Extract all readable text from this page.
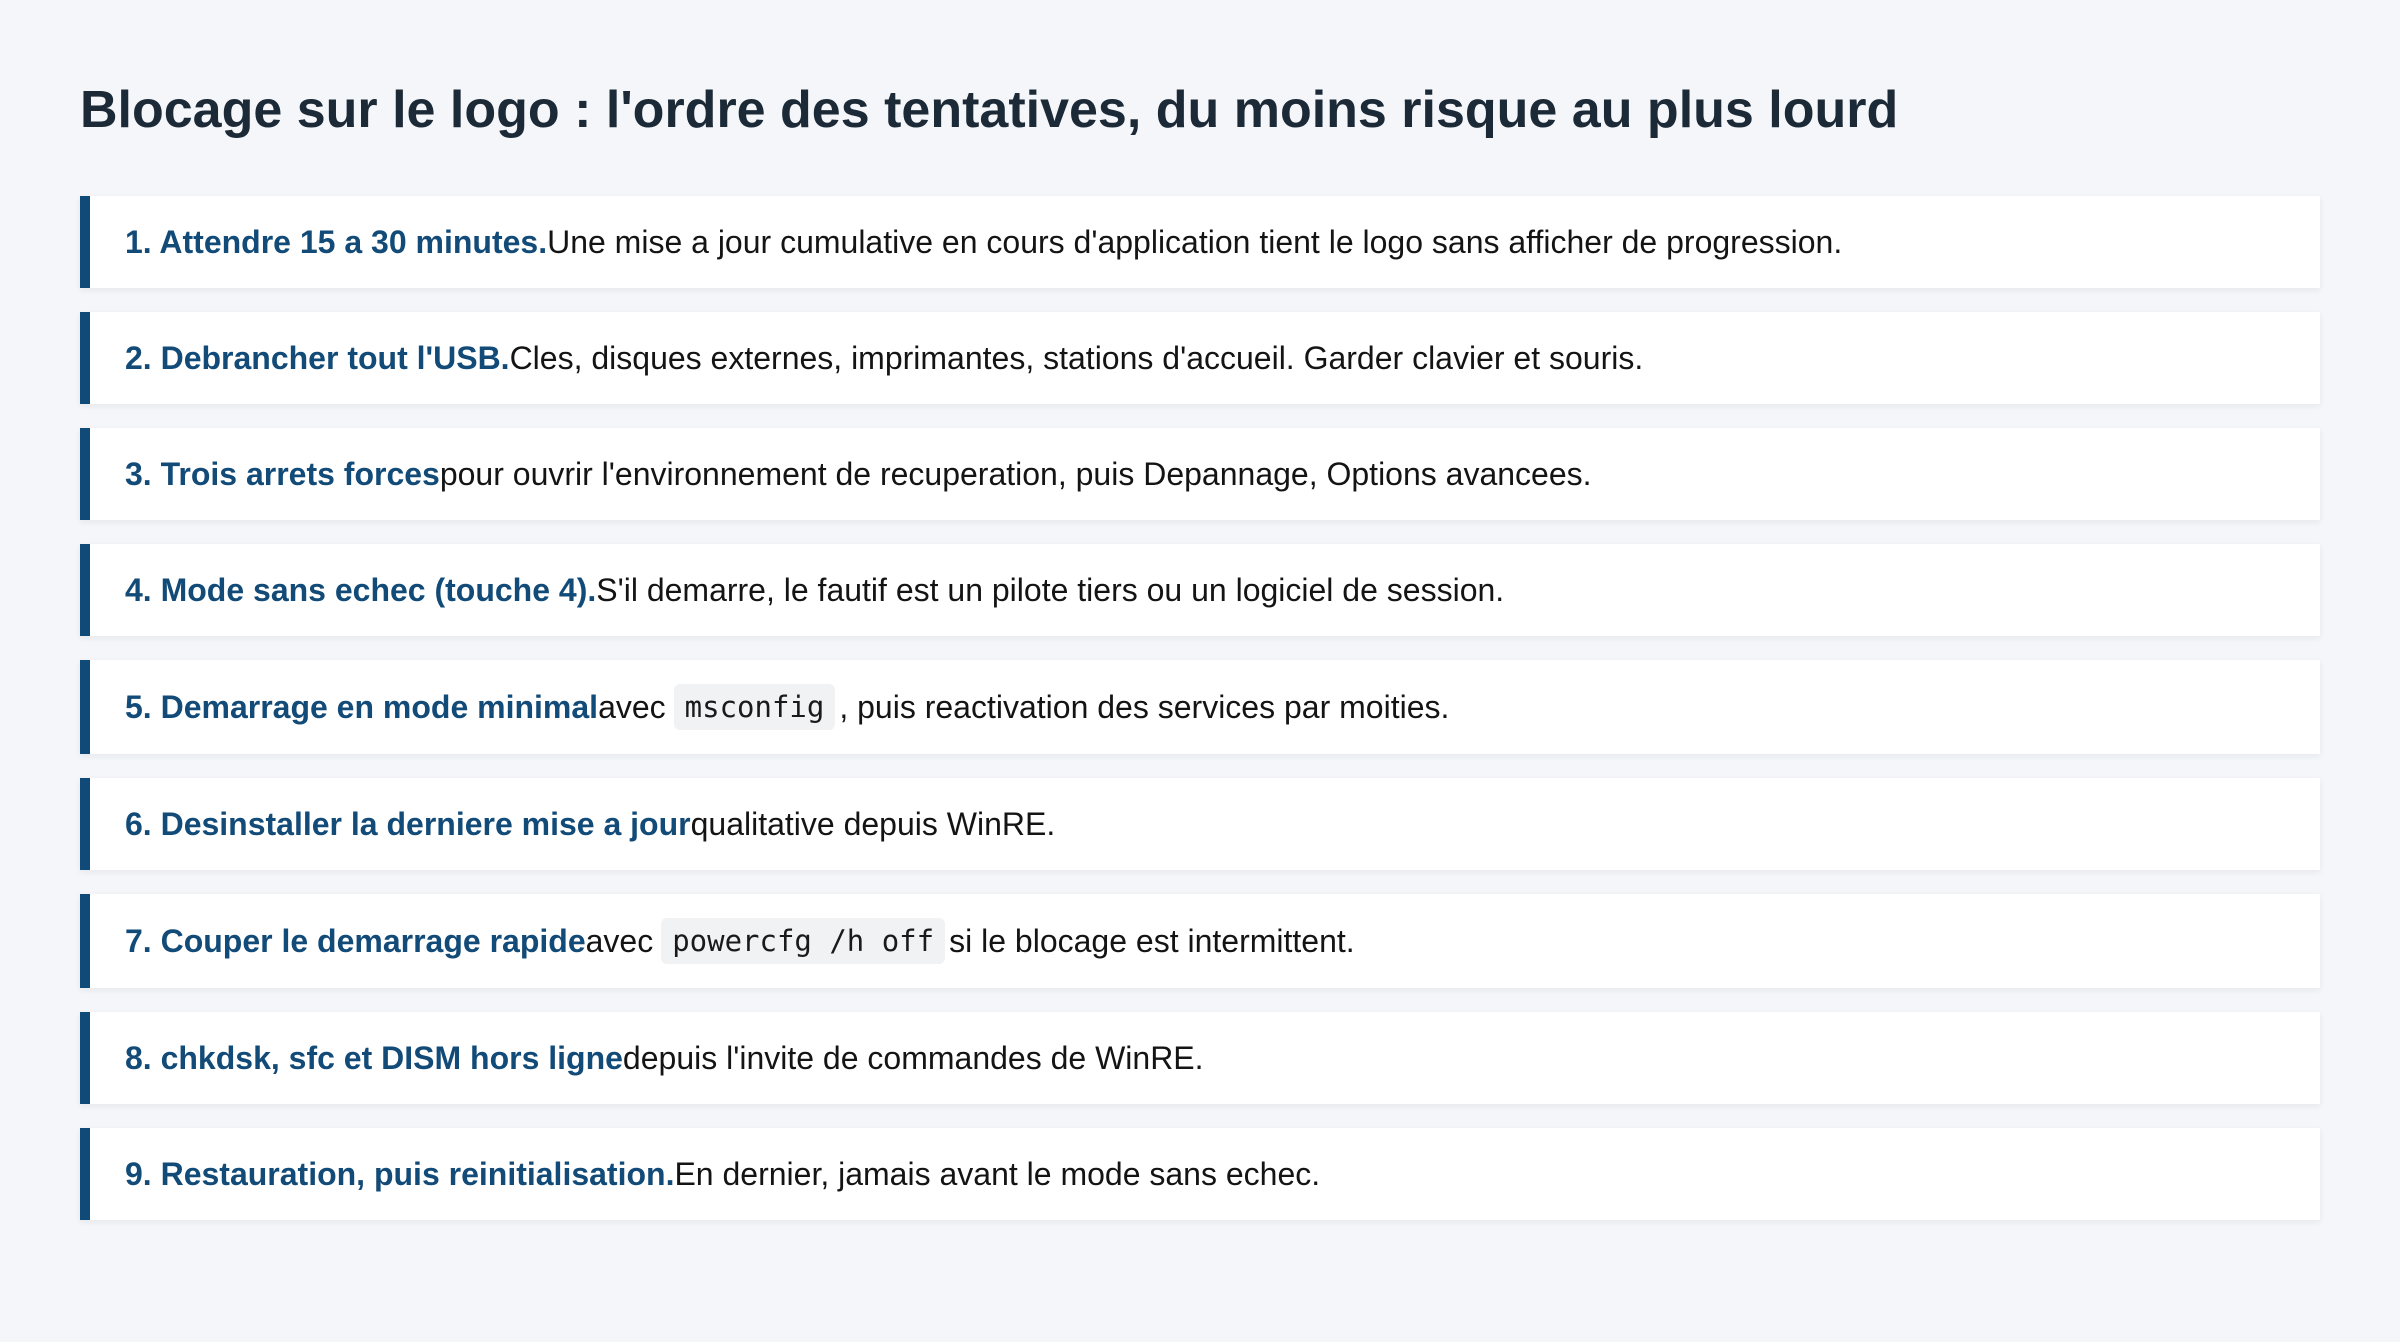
Blocage sur le logo : l'ordre des tentatives, du moins risque au plus lourd
1. Attendre 15 a 30 minutes. Une mise a jour cumulative en cours d'application tient le logo sans afficher de progression.
2. Debrancher tout l'USB. Cles, disques externes, imprimantes, stations d'accueil. Garder clavier et souris.
3. Trois arrets forces pour ouvrir l'environnement de recuperation, puis Depannage, Options avancees.
4. Mode sans echec (touche 4). S'il demarre, le fautif est un pilote tiers ou un logiciel de session.
5. Demarrage en mode minimal avec msconfig , puis reactivation des services par moities.
6. Desinstaller la derniere mise a jour qualitative depuis WinRE.
7. Couper le demarrage rapide avec powercfg /h off si le blocage est intermittent.
8. chkdsk, sfc et DISM hors ligne depuis l'invite de commandes de WinRE.
9. Restauration, puis reinitialisation. En dernier, jamais avant le mode sans echec.
